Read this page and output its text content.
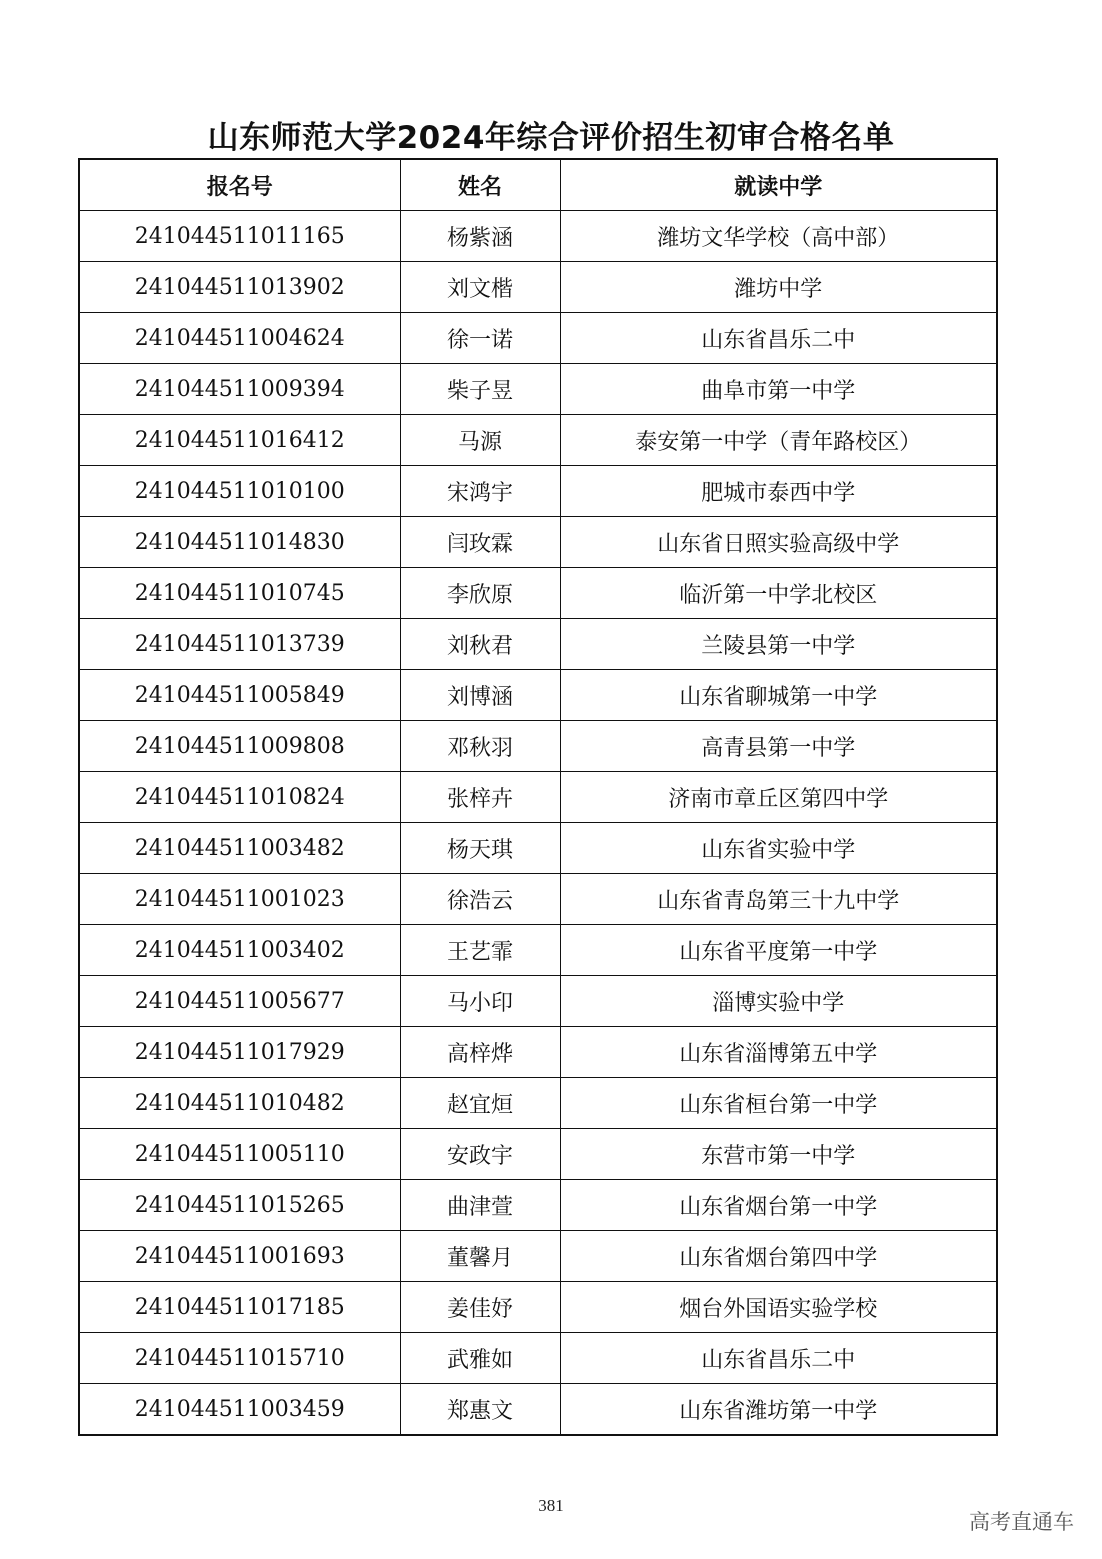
山东师范大学2024年综合评价招生初审合格名单
报名号	姓名	就读中学
241044511011165	杨紫涵	潍坊文华学校（高中部）
241044511013902	刘文楷	潍坊中学
241044511004624	徐一诺	山东省昌乐二中
241044511009394	柴子昱	曲阜市第一中学
241044511016412	马源	泰安第一中学（青年路校区）
241044511010100	宋鸿宇	肥城市泰西中学
241044511014830	闫玫霖	山东省日照实验高级中学
241044511010745	李欣原	临沂第一中学北校区
241044511013739	刘秋君	兰陵县第一中学
241044511005849	刘博涵	山东省聊城第一中学
241044511009808	邓秋羽	高青县第一中学
241044511010824	张梓卉	济南市章丘区第四中学
241044511003482	杨天琪	山东省实验中学
241044511001023	徐浩云	山东省青岛第三十九中学
241044511003402	王艺霏	山东省平度第一中学
241044511005677	马小印	淄博实验中学
241044511017929	高梓烨	山东省淄博第五中学
241044511010482	赵宜烜	山东省桓台第一中学
241044511005110	安政宇	东营市第一中学
241044511015265	曲津萱	山东省烟台第一中学
241044511001693	董馨月	山东省烟台第四中学
241044511017185	姜佳妤	烟台外国语实验学校
241044511015710	武雅如	山东省昌乐二中
241044511003459	郑惠文	山东省潍坊第一中学
381
高考直通车
